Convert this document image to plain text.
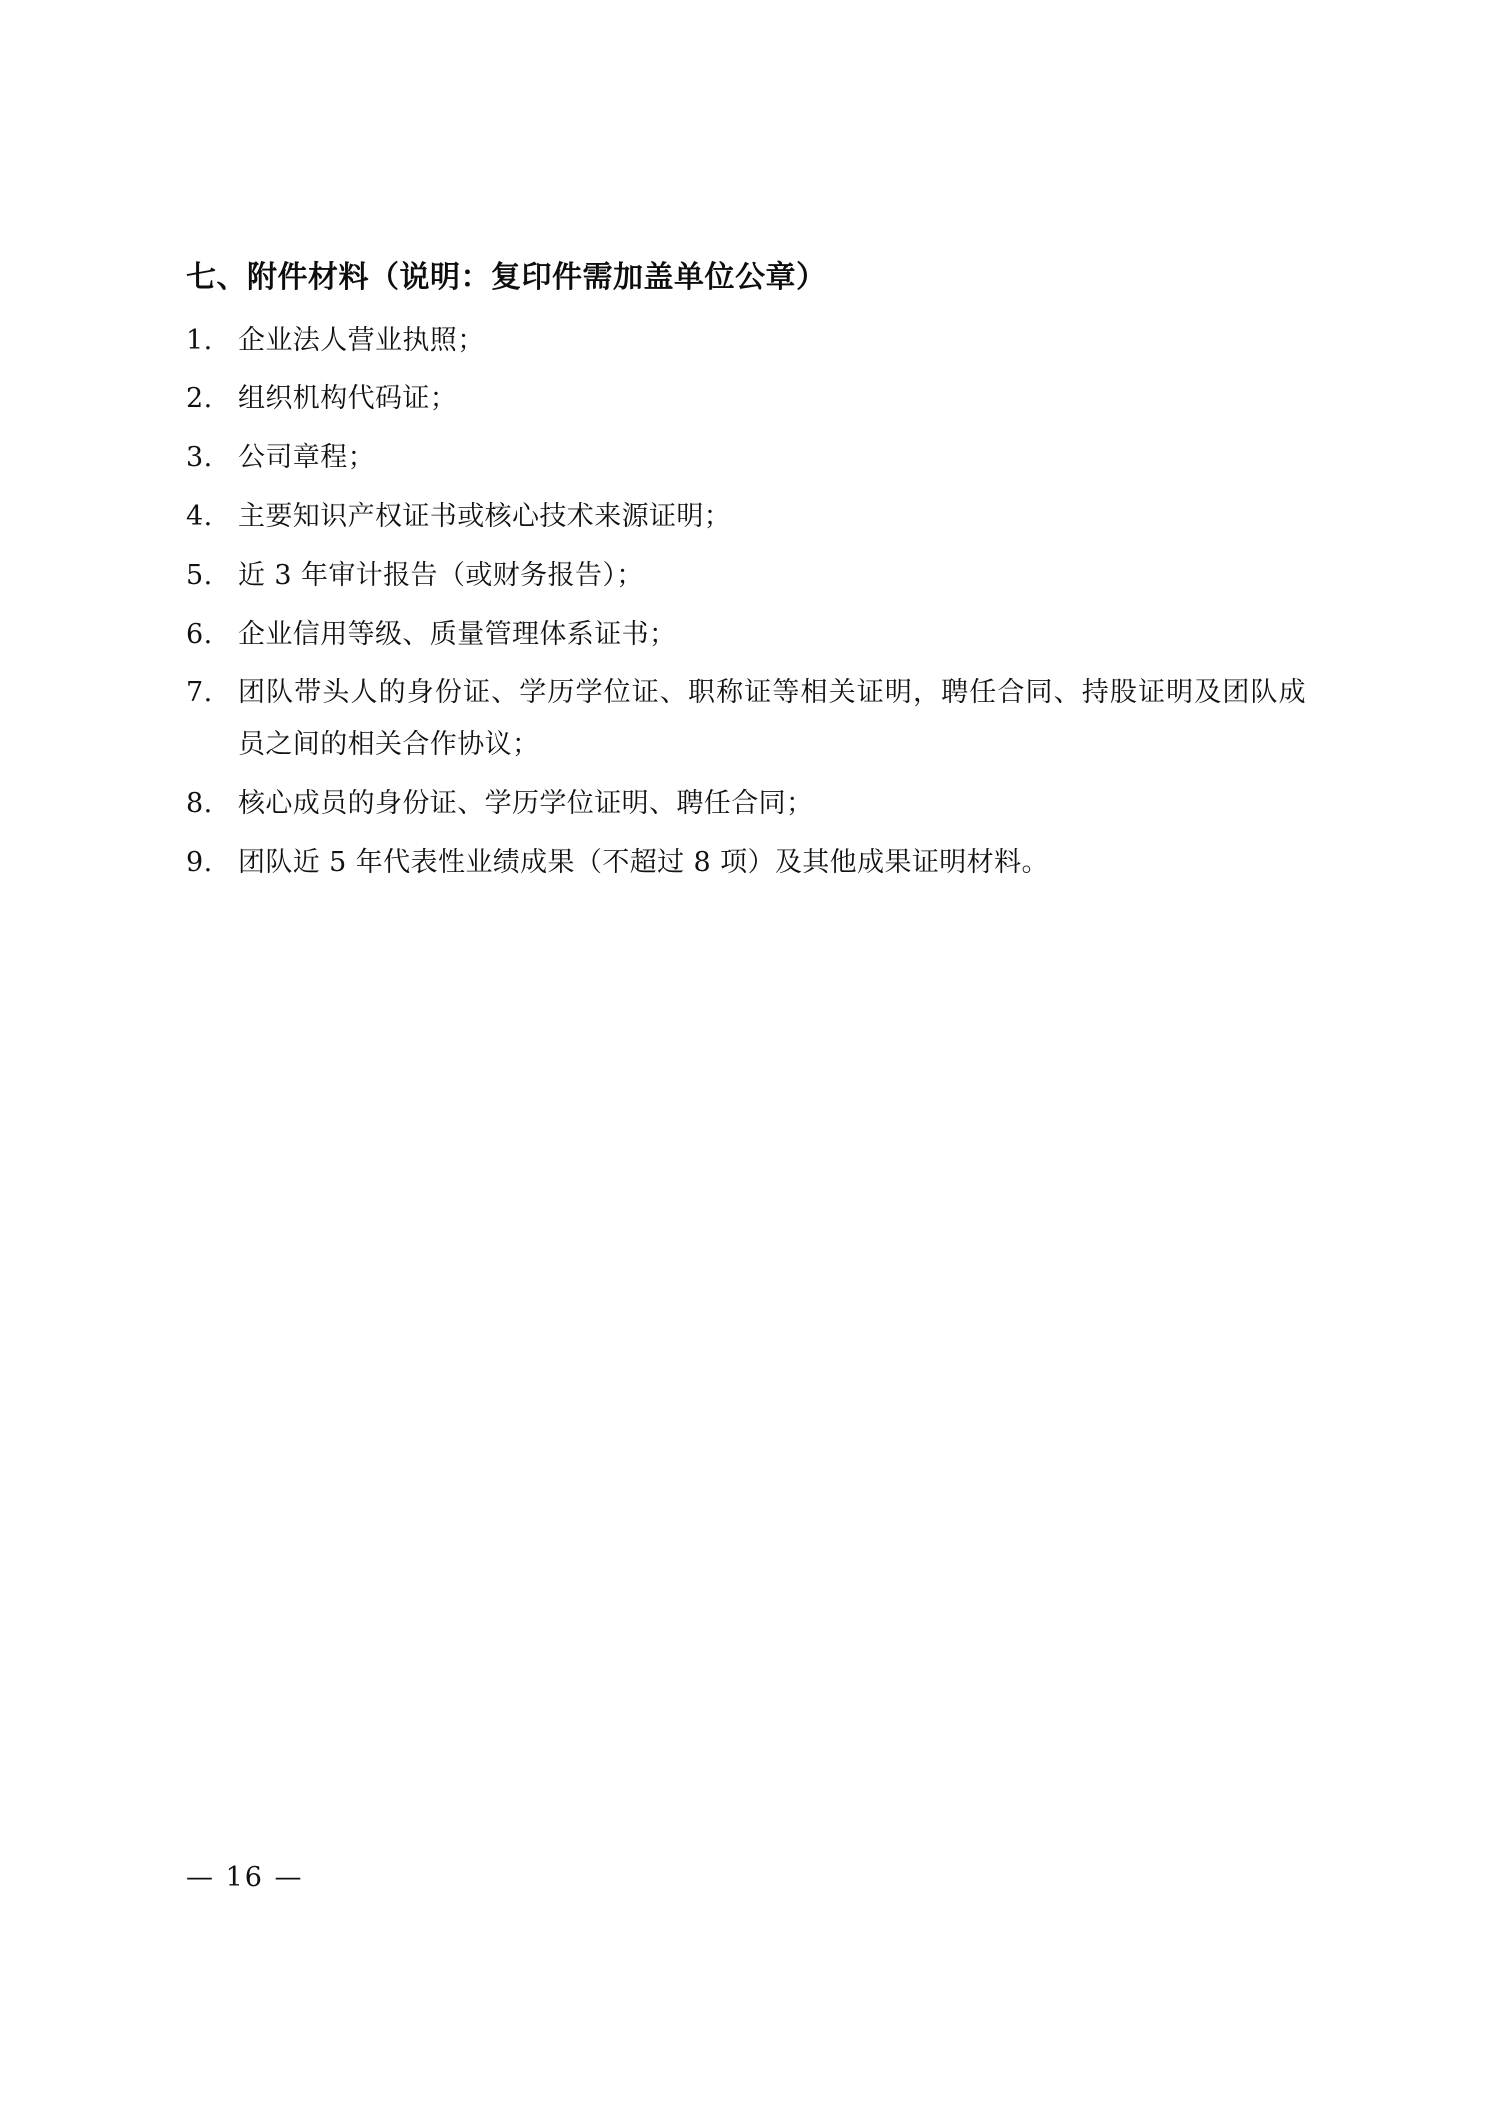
七、附件材料（说明：复印件需加盖单位公章）
1. 企业法人营业执照；
2. 组织机构代码证；
3. 公司章程；
4. 主要知识产权证书或核心技术来源证明；
5. 近 3 年审计报告（或财务报告）；
6. 企业信用等级、质量管理体系证书；
7. 团队带头人的身份证、学历学位证、职称证等相关证明，聘任合同、持股证明及团队成员之间的相关合作协议；
8. 核心成员的身份证、学历学位证明、聘任合同；
9. 团队近 5 年代表性业绩成果（不超过 8 项）及其他成果证明材料。
— 16 —
